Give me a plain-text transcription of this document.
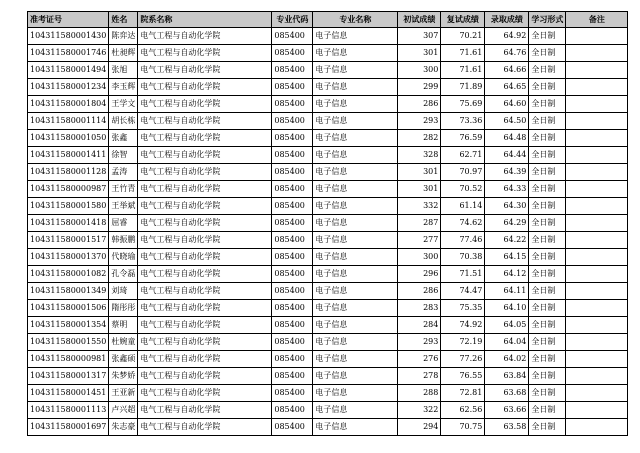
准考证号	姓名	院系名称	专业代码	专业名称	初试成绩	复试成绩	录取成绩	学习形式	备注
104311580001430	陈弈达	电气工程与自动化学院	085400	电子信息	307	70.21	64.92	全日制	
104311580001746	杜昶辉	电气工程与自动化学院	085400	电子信息	301	71.61	64.76	全日制	
104311580001494	张旭	电气工程与自动化学院	085400	电子信息	300	71.61	64.66	全日制	
104311580001234	李玉辉	电气工程与自动化学院	085400	电子信息	299	71.89	64.65	全日制	
104311580001804	王学文	电气工程与自动化学院	085400	电子信息	286	75.69	64.60	全日制	
104311580001114	胡长栋	电气工程与自动化学院	085400	电子信息	293	73.36	64.50	全日制	
104311580001050	张鑫	电气工程与自动化学院	085400	电子信息	282	76.59	64.48	全日制	
104311580001411	徐智	电气工程与自动化学院	085400	电子信息	328	62.71	64.44	全日制	
104311580001128	孟涛	电气工程与自动化学院	085400	电子信息	301	70.97	64.39	全日制	
104311580000987	王竹青	电气工程与自动化学院	085400	电子信息	301	70.52	64.33	全日制	
104311580001580	王举斌	电气工程与自动化学院	085400	电子信息	332	61.14	64.30	全日制	
104311580001418	屈睿	电气工程与自动化学院	085400	电子信息	287	74.62	64.29	全日制	
104311580001517	韩振鹏	电气工程与自动化学院	085400	电子信息	277	77.46	64.22	全日制	
104311580001370	代晓瑜	电气工程与自动化学院	085400	电子信息	300	70.38	64.15	全日制	
104311580001082	孔令磊	电气工程与自动化学院	085400	电子信息	296	71.51	64.12	全日制	
104311580001349	刘琦	电气工程与自动化学院	085400	电子信息	286	74.47	64.11	全日制	
104311580001506	隋彤彤	电气工程与自动化学院	085400	电子信息	283	75.35	64.10	全日制	
104311580001354	蔡明	电气工程与自动化学院	085400	电子信息	284	74.92	64.05	全日制	
104311580001550	杜婉童	电气工程与自动化学院	085400	电子信息	293	72.19	64.04	全日制	
104311580000981	张鑫硕	电气工程与自动化学院	085400	电子信息	276	77.26	64.02	全日制	
104311580001317	朱梦娇	电气工程与自动化学院	085400	电子信息	278	76.55	63.84	全日制	
104311580001451	王亚新	电气工程与自动化学院	085400	电子信息	288	72.81	63.68	全日制	
104311580001113	卢兴超	电气工程与自动化学院	085400	电子信息	322	62.56	63.66	全日制	
104311580001697	朱志豪	电气工程与自动化学院	085400	电子信息	294	70.75	63.58	全日制	
